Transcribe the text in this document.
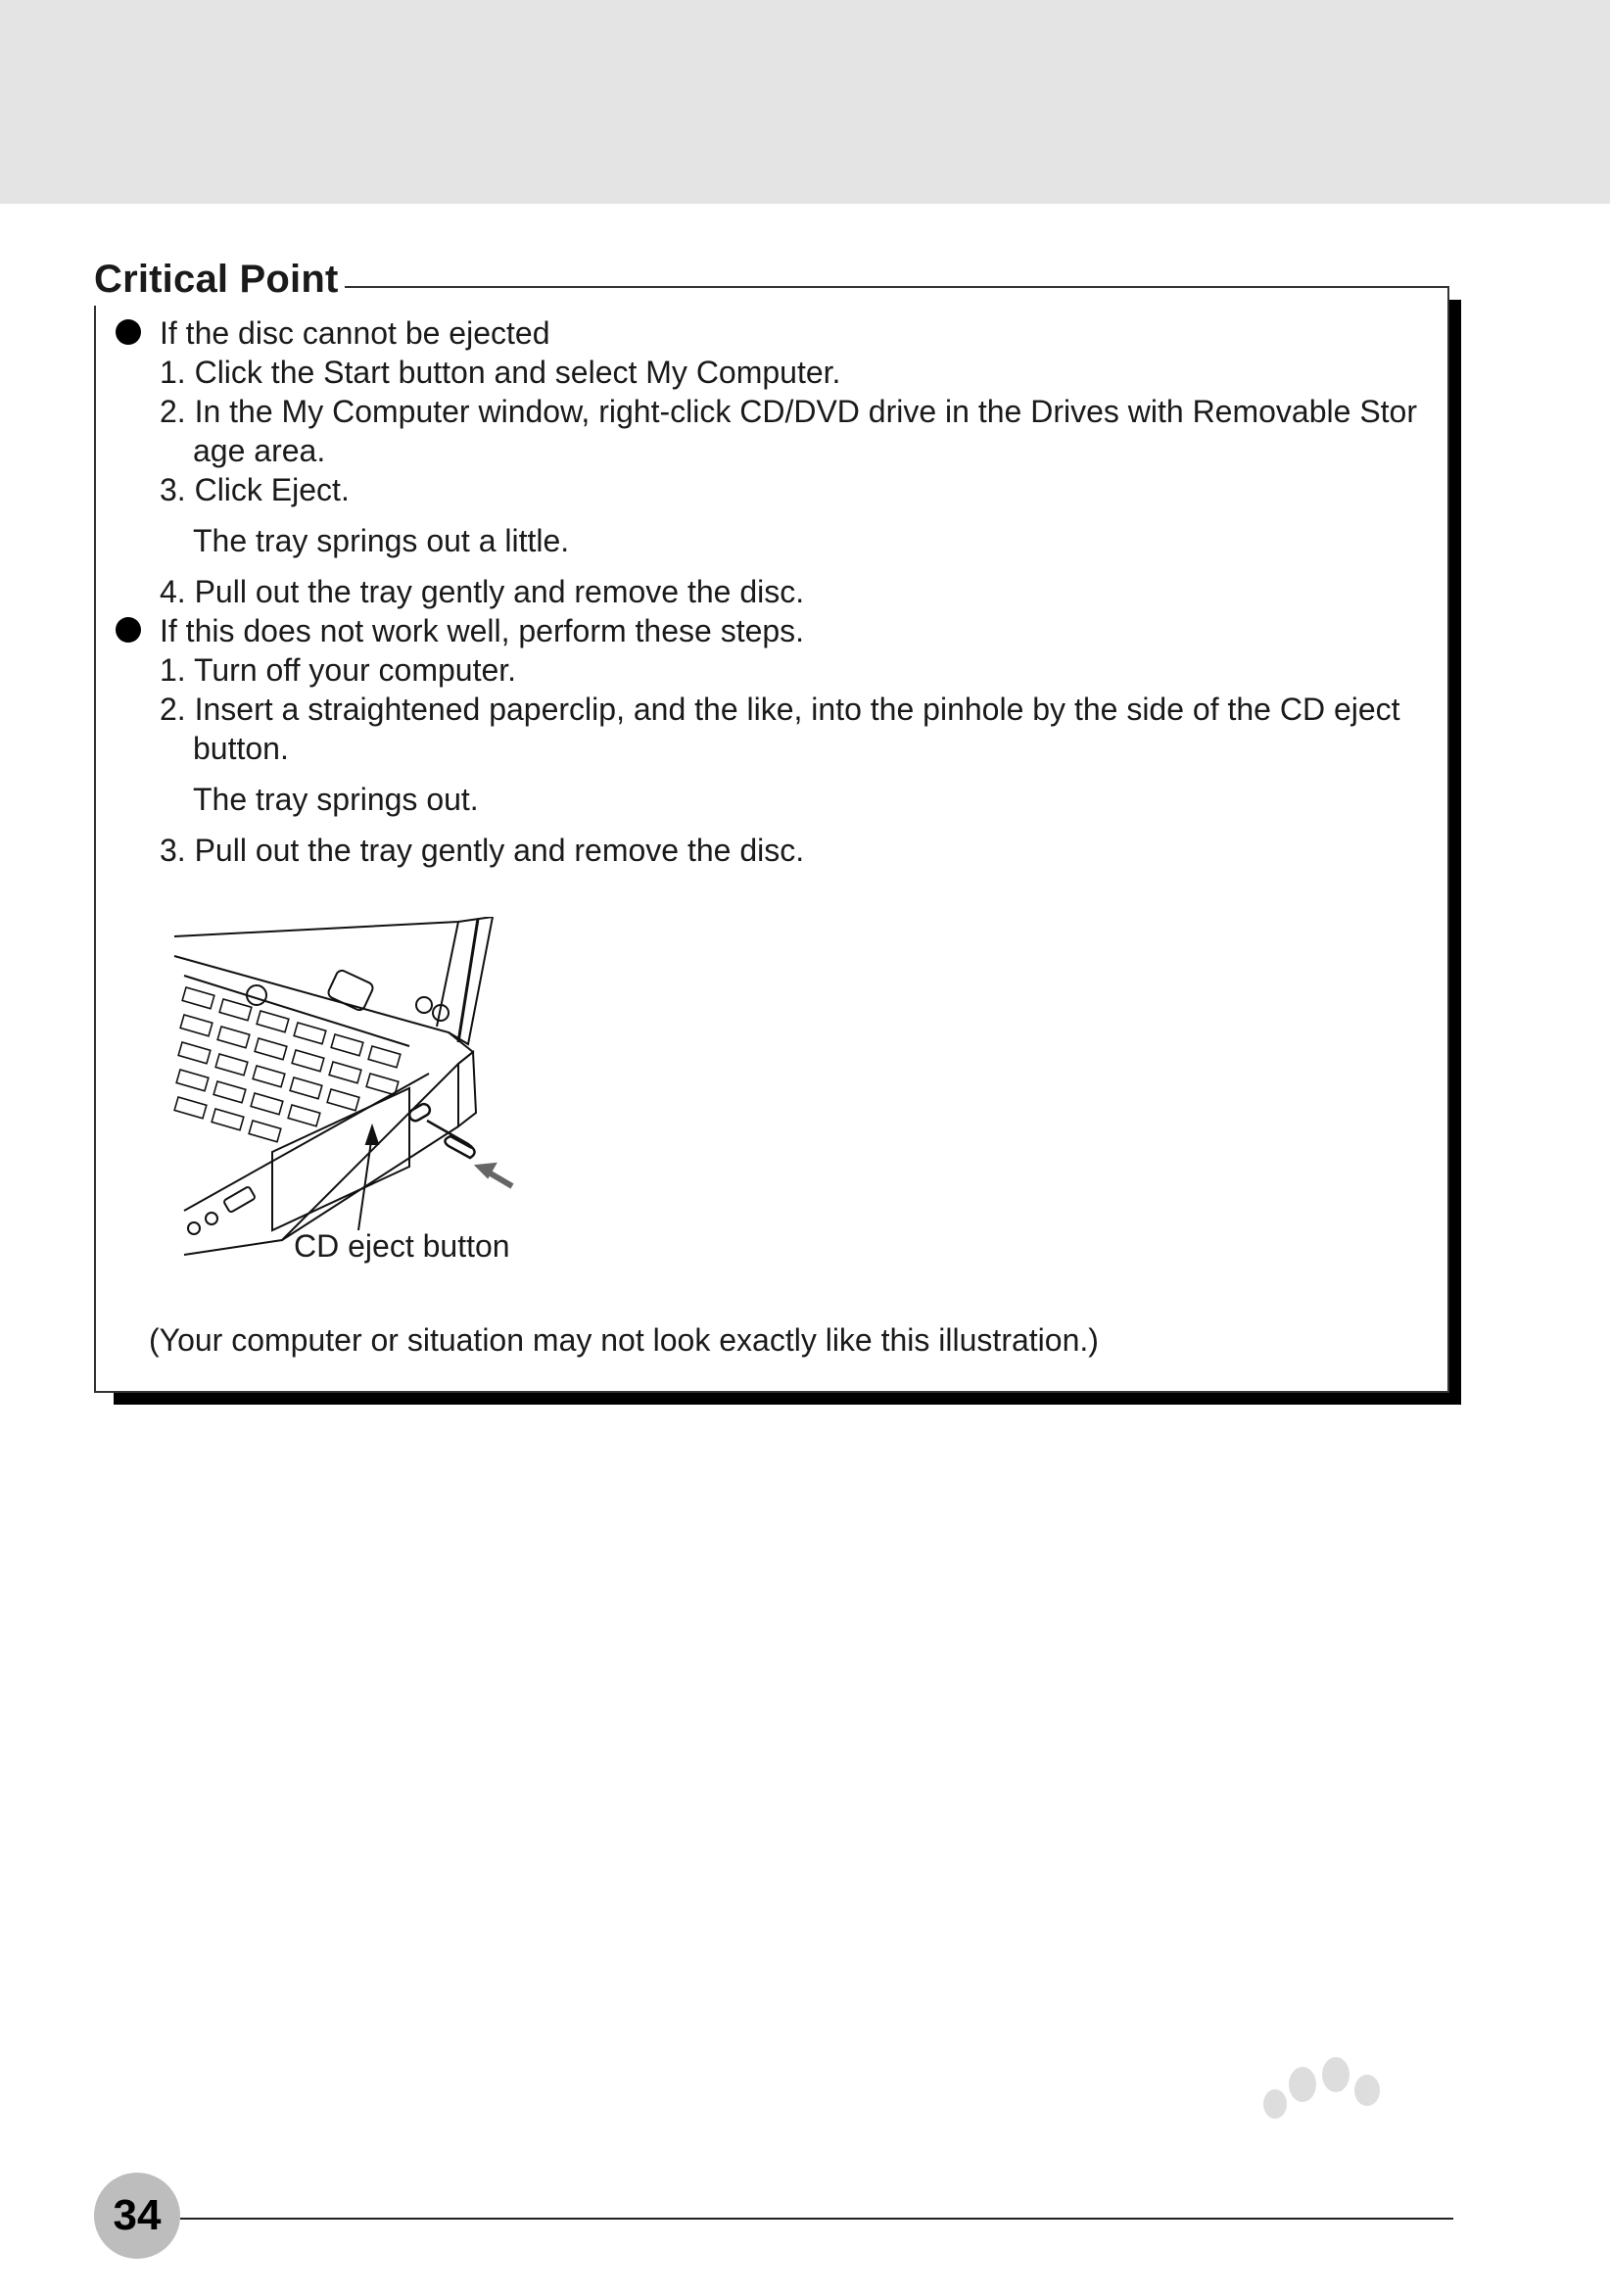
Critical Point
If the disc cannot be ejected
1. Click the Start button and select My Computer.
2. In the My Computer window, right-click CD/DVD drive in the Drives with Removable Stor
age area.
3. Click Eject.
The tray springs out a little.
4. Pull out the tray gently and remove the disc.
If this does not work well, perform these steps.
1. Turn off your computer.
2. Insert a straightened paperclip, and the like, into the pinhole by the side of the CD eject
button.
The tray springs out.
3. Pull out the tray gently and remove the disc.
CD eject button
(Your computer or situation may not look exactly like this illustration.)
34
